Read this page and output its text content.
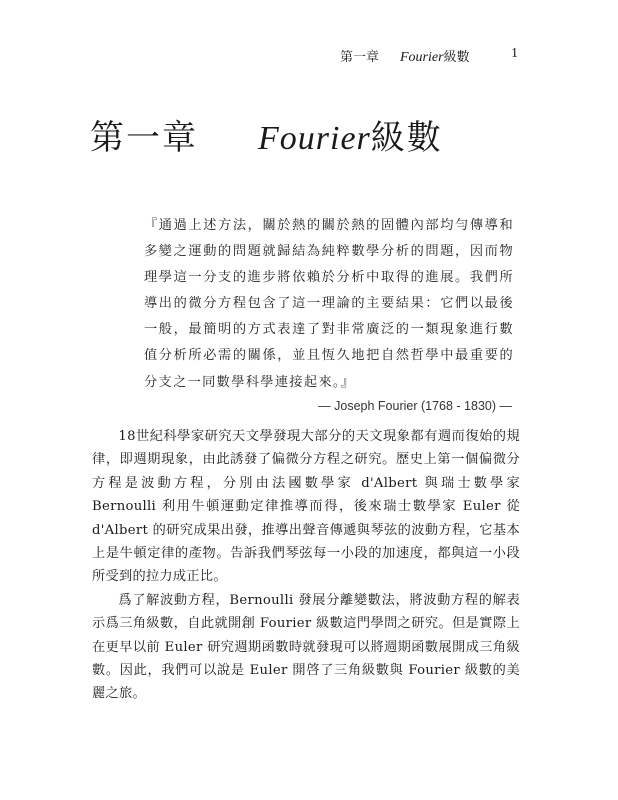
第一章 Fourier級數	1
第一章 Fourier級數

『通過上述方法，關於熱的關於熱的固體內部均勻傳導和多變之運動的問題就歸結為純粹數學分析的問題，因而物理學這一分支的進步將依賴於分析中取得的進展。我們所導出的微分方程包含了這一理論的主要結果：它們以最後一般，最簡明的方式表達了對非常廣泛的一類現象進行數值分析所必需的關係，並且恆久地把自然哲學中最重要的分支之一同數學科學連接起來。』

— Joseph Fourier (1768 - 1830) —

18世紀科學家研究天文學發現大部分的天文現象都有週而復始的規律，即週期現象，由此誘發了偏微分方程之研究。歷史上第一個偏微分方程是波動方程，分別由法國數學家 d'Albert 與瑞士數學家 Bernoulli 利用牛頓運動定律推導而得，後來瑞士數學家 Euler 從 d'Albert 的研究成果出發，推導出聲音傳遞與琴弦的波動方程，它基本上是牛頓定律的產物。告訴我們琴弦每一小段的加速度，都與這一小段所受到的拉力成正比。

爲了解波動方程，Bernoulli 發展分離變數法，將波動方程的解表示爲三角級數，自此就開創 Fourier 級數這門學問之研究。但是實際上在更早以前 Euler 研究週期函數時就發現可以將週期函數展開成三角級數。因此，我們可以說是 Euler 開啓了三角級數與 Fourier 級數的美麗之旅。
